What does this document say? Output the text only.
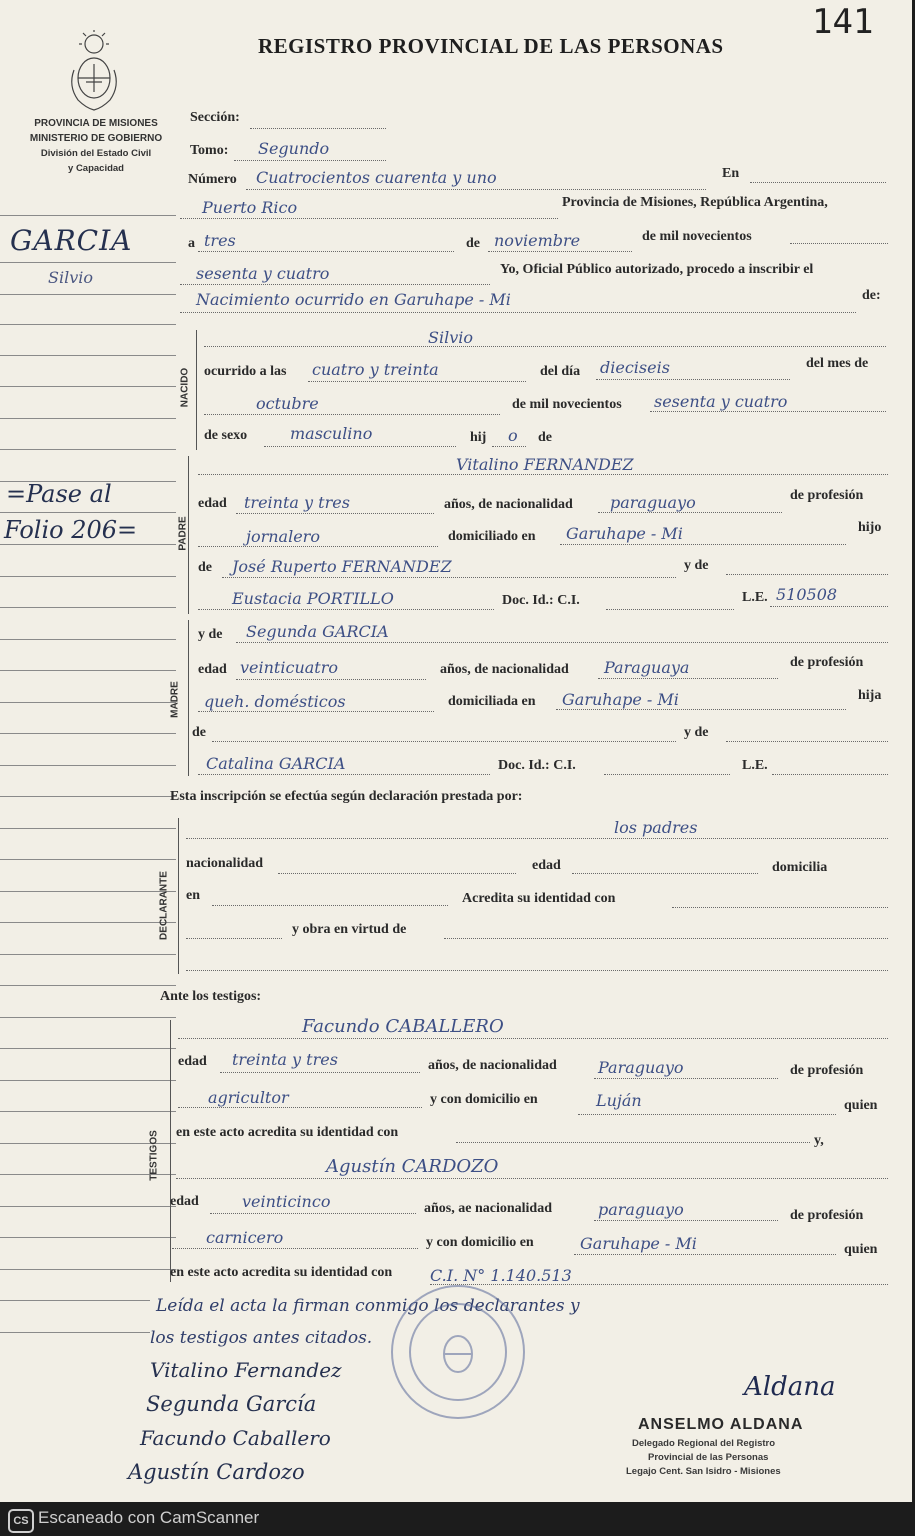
141
REGISTRO PROVINCIAL DE LAS PERSONAS
PROVINCIA DE MISIONES
MINISTERIO DE GOBIERNO
División del Estado Civil
y Capacidad
GARCIA
Silvio
=Pase al
Folio 206=
Sección:
Tomo: Segundo
Número Cuatrocientos cuarenta y uno	En
Puerto Rico	Provincia de Misiones, República Argentina,
a tres	de noviembre	de mil novecientos
sesenta y cuatro	Yo, Oficial Público autorizado, procedo a inscribir el
Nacimiento ocurrido en Garuhape - Mi	de:
NACIDO
Silvio
ocurrido a las cuatro y treinta	del día dieciseis	del mes de
octubre	de mil novecientos sesenta y cuatro
de sexo	masculino	hij o de
PADRE
Vitalino FERNANDEZ
edad treinta y tres	años, de nacionalidad paraguayo	de profesión
jornalero	domiciliado en Garuhape - Mi	hijo
de José Ruperto FERNANDEZ	y de
Eustacia PORTILLO	Doc. Id.: C.I.	L.E. 510508
MADRE
y de Segunda GARCIA
edad veinticuatro	años, de nacionalidad Paraguaya	de profesión
queh. domésticos	domiciliada en Garuhape - Mi	hija
de	y de
Catalina GARCIA	Doc. Id.: C.I.	L.E.
Esta inscripción se efectúa según declaración prestada por:
DECLARANTE
los padres
nacionalidad	edad	domicilia
en	Acredita su identidad con
y obra en virtud de
Ante los testigos:
TESTIGOS
Facundo CABALLERO
edad treinta y tres	años, de nacionalidad	Paraguayo	de profesión
agricultor	y con domicilio en	Luján	quien
en este acto acredita su identidad con
y,
Agustín CARDOZO
edad	veinticinco	años, ae nacionalidad	paraguayo	de profesión
carnicero	y con domicilio en	Garuhape - Mi	quien
en este acto acredita su identidad con C.I. N° 1.140.513
Leída el acta la firman conmigo los declarantes y
los testigos antes citados.
Vitalino Fernandez
Segunda García
Facundo Caballero
Agustín Cardozo
Aldana
ANSELMO ALDANA
Delegado Regional del Registro
Provincial de las Personas
Legajo Cent. San Isidro - Misiones
CS Escaneado con CamScanner
